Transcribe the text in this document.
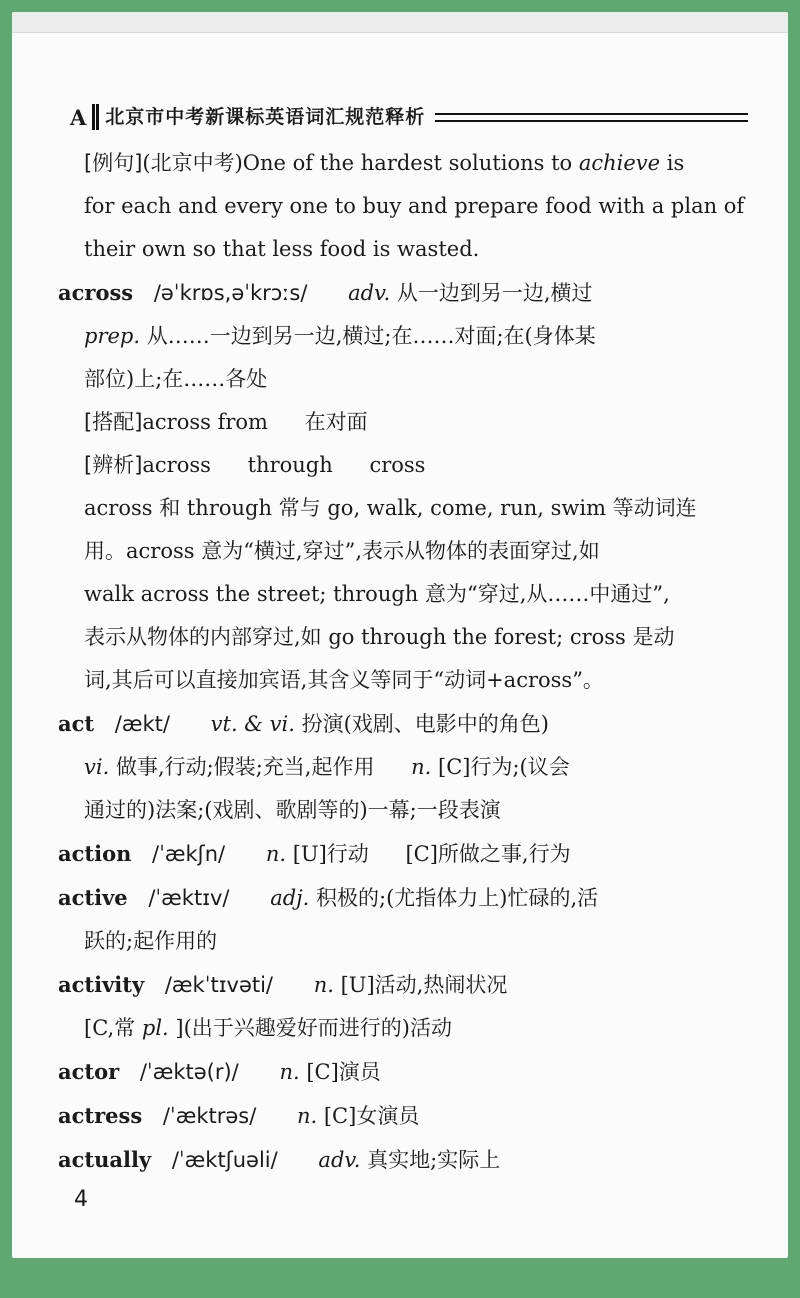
A 北京市中考新课标英语词汇规范释析
[例句](北京中考)One of the hardest solutions to achieve is
for each and every one to buy and prepare food with a plan of
their own so that less food is wasted.
across /əˈkrɒs,əˈkrɔːs/ adv. 从一边到另一边,横过
prep. 从……一边到另一边,横过;在……对面;在(身体某
部位)上;在……各处
[搭配]across from 在对面
[辨析]across through cross
across 和 through 常与 go, walk, come, run, swim 等动词连
用。across 意为“横过,穿过”,表示从物体的表面穿过,如
walk across the street; through 意为“穿过,从……中通过”,
表示从物体的内部穿过,如 go through the forest; cross 是动
词,其后可以直接加宾语,其含义等同于“动词+across”。
act /ækt/ vt. & vi. 扮演(戏剧、电影中的角色)
vi. 做事,行动;假装;充当,起作用 n. [C]行为;(议会
通过的)法案;(戏剧、歌剧等的)一幕;一段表演
action /ˈækʃn/ n. [U]行动 [C]所做之事,行为
active /ˈæktɪv/ adj. 积极的;(尤指体力上)忙碌的,活
跃的;起作用的
activity /ækˈtɪvəti/ n. [U]活动,热闹状况
[C,常 pl. ](出于兴趣爱好而进行的)活动
actor /ˈæktə(r)/ n. [C]演员
actress /ˈæktrəs/ n. [C]女演员
actually /ˈæktʃuəli/ adv. 真实地;实际上
4
